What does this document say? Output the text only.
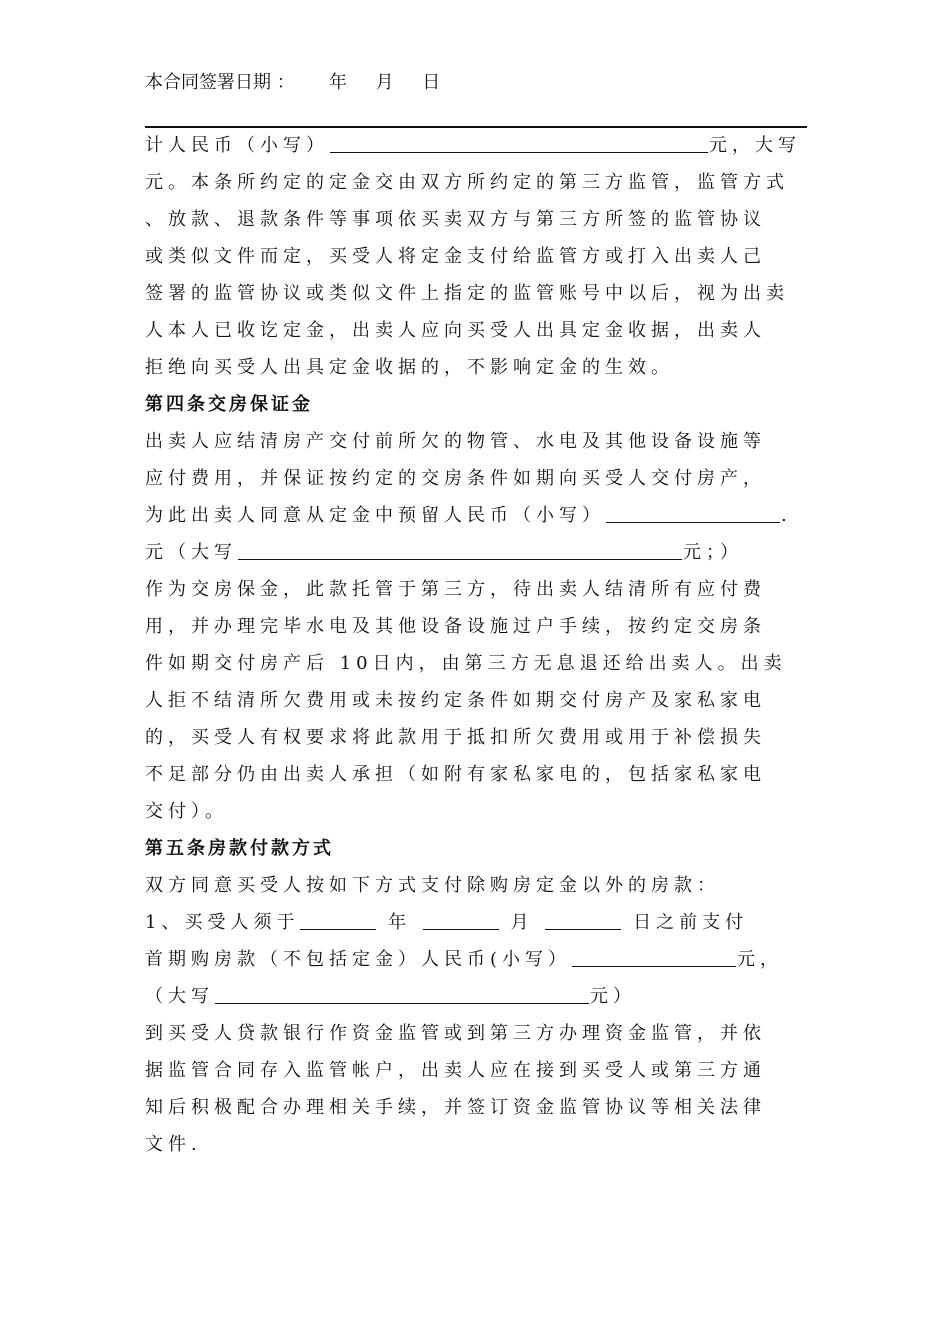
本合同签署日期 ：      年     月     日
计人民币（小写）	元，大写
元。本条所约定的定金交由双方所约定的第三方监管，监管方式
、放款、退款条件等事项依买卖双方与第三方所签的监管协议
或类似文件而定，买受人将定金支付给监管方或打入出卖人己
签署的监管协议或类似文件上指定的监管账号中以后，视为出卖
人本人已收讫定金，出卖人应向买受人出具定金收据，出卖人
拒绝向买受人出具定金收据的，不影响定金的生效。
第四条交房保证金
出卖人应结清房产交付前所欠的物管、水电及其他设备设施等
应付费用，并保证按约定的交房条件如期向买受人交付房产，
为此出卖人同意从定金中预留人民币（小写）	.
元（大写	元；）
作为交房保金，此款托管于第三方，待出卖人结清所有应付费
用，并办理完毕水电及其他设备设施过户手续，按约定交房条
件如期交付房产后 10日内，由第三方无息退还给出卖人。出卖
人拒不结清所欠费用或未按约定条件如期交付房产及家私家电
的，买受人有权要求将此款用于抵扣所欠费用或用于补偿损失
不足部分仍由出卖人承担（如附有家私家电的，包括家私家电
交付）。
第五条房款付款方式
双方同意买受人按如下方式支付除购房定金以外的房款：
1、买受人须于	年	月	日之前支付
首期购房款（不包括定金）人民币(小写）	元，
（大写	元）
到买受人贷款银行作资金监管或到第三方办理资金监管，并依
据监管合同存入监管帐户，出卖人应在接到买受人或第三方通
知后积极配合办理相关手续，并签订资金监管协议等相关法律
文件.
